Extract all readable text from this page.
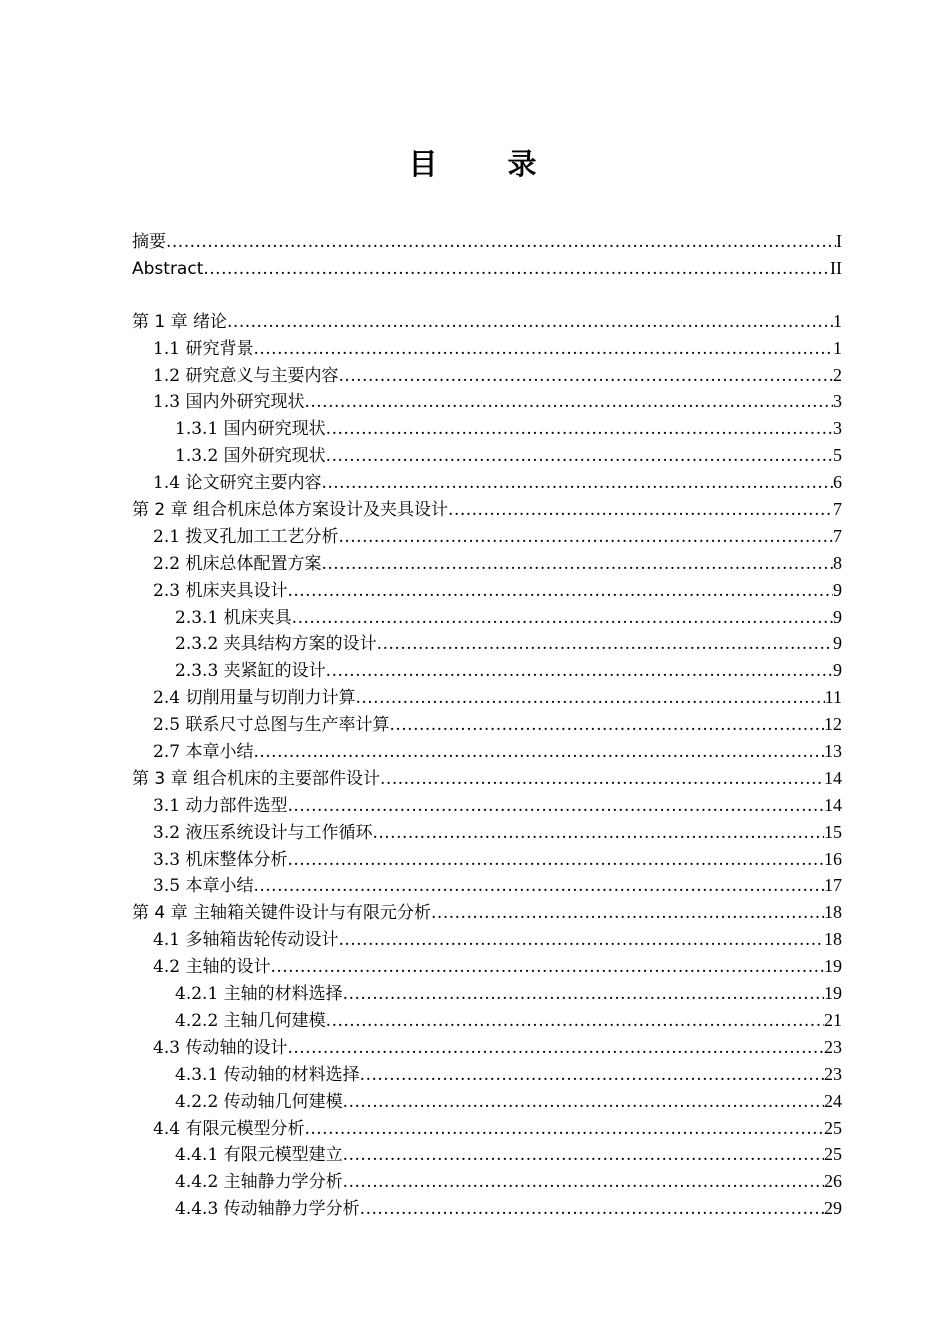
目 录
摘要 .....	I
Abstract .....	II
第 1 章 绪论 .....	1
1.1 研究背景 .....	1
1.2 研究意义与主要内容 .....	2
1.3 国内外研究现状 .....	3
1.3.1 国内研究现状 .....	3
1.3.2 国外研究现状 .....	5
1.4 论文研究主要内容 .....	6
第 2 章 组合机床总体方案设计及夹具设计 .....	7
2.1 拨叉孔加工工艺分析 .....	7
2.2 机床总体配置方案 .....	8
2.3 机床夹具设计 .....	9
2.3.1 机床夹具 .....	9
2.3.2 夹具结构方案的设计 .....	9
2.3.3 夹紧缸的设计 .....	9
2.4 切削用量与切削力计算 .....	11
2.5 联系尺寸总图与生产率计算 .....	12
2.7 本章小结 .....	13
第 3 章 组合机床的主要部件设计 .....	14
3.1 动力部件选型 .....	14
3.2 液压系统设计与工作循环 .....	15
3.3 机床整体分析 .....	16
3.5 本章小结 .....	17
第 4 章 主轴箱关键件设计与有限元分析 .....	18
4.1 多轴箱齿轮传动设计 .....	18
4.2 主轴的设计 .....	19
4.2.1 主轴的材料选择 .....	19
4.2.2 主轴几何建模 .....	21
4.3 传动轴的设计 .....	23
4.3.1 传动轴的材料选择 .....	23
4.2.2 传动轴几何建模 .....	24
4.4 有限元模型分析 .....	25
4.4.1 有限元模型建立 .....	25
4.4.2 主轴静力学分析 .....	26
4.4.3 传动轴静力学分析 .....	29
